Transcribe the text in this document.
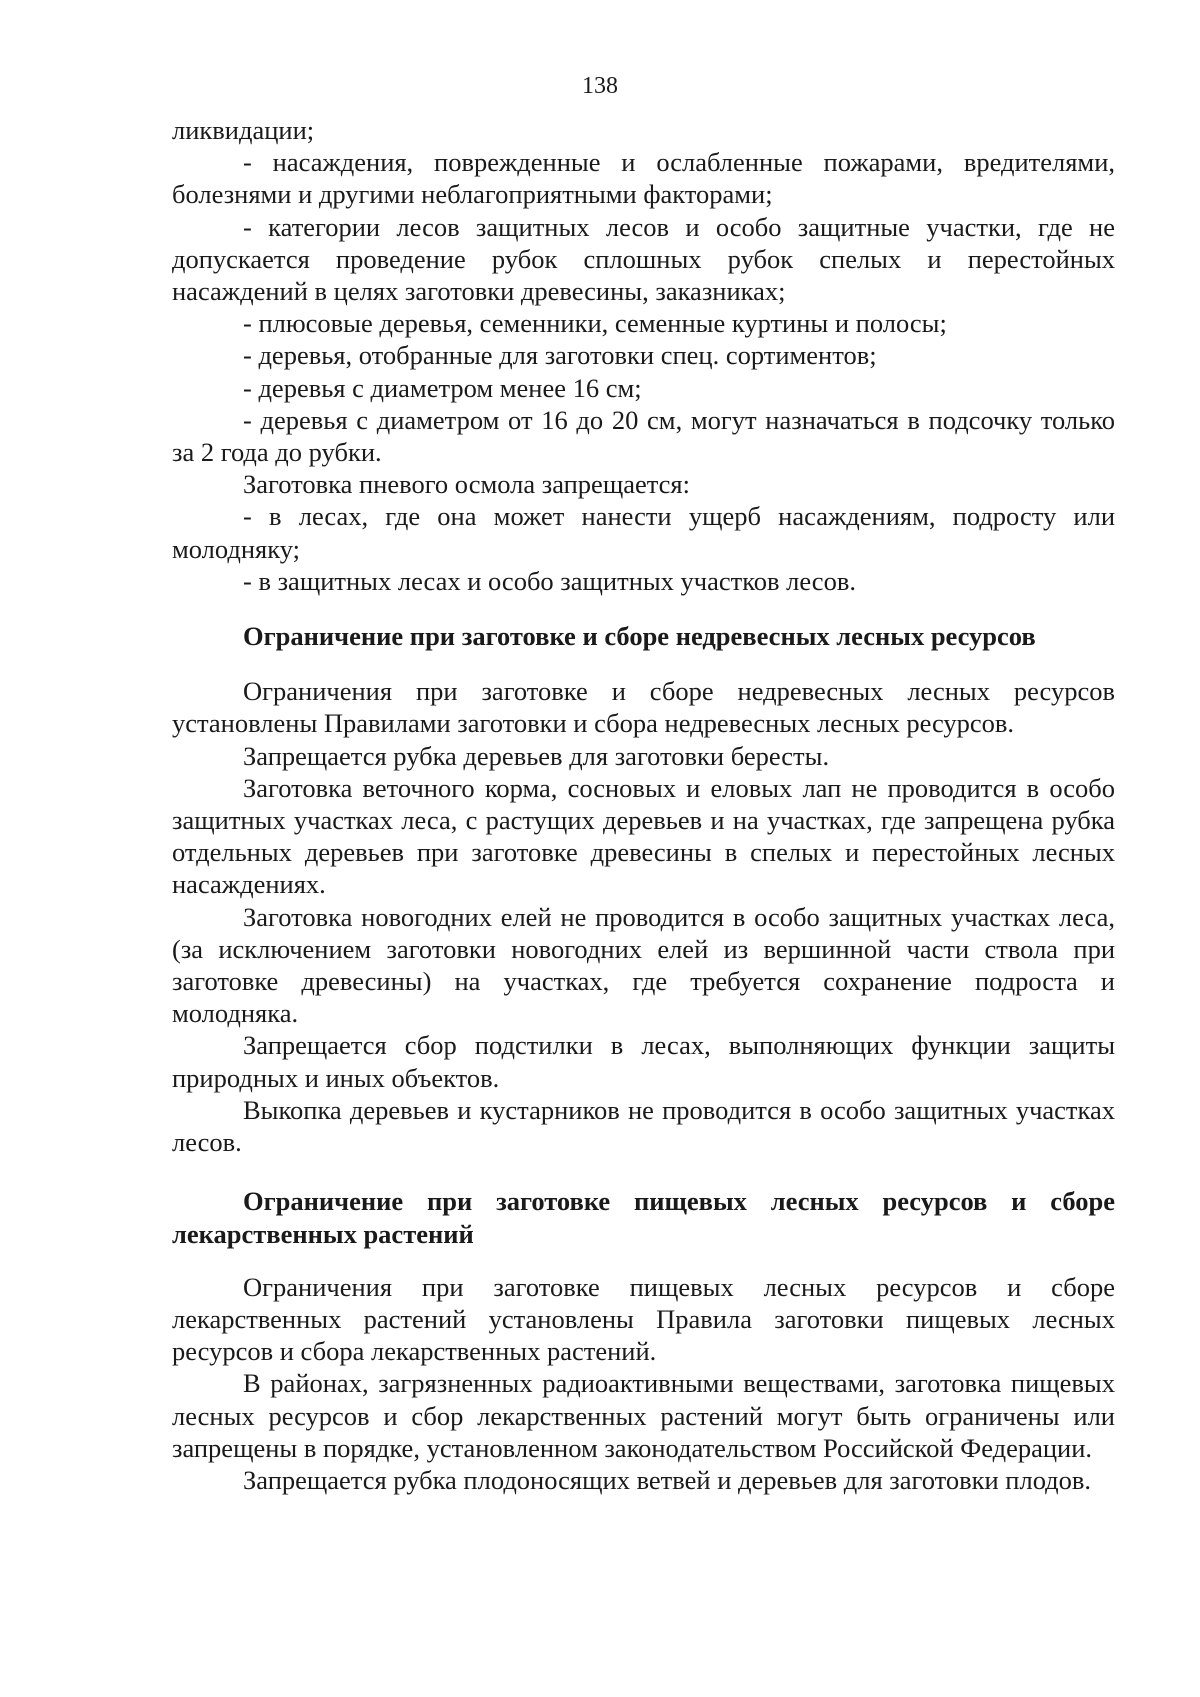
138

ликвидации;

- насаждения, поврежденные и ослабленные пожарами, вредителями, болезнями и другими неблагоприятными факторами;

- категории лесов защитных лесов и особо защитные участки, где не допускается проведение рубок сплошных рубок спелых и перестойных насаждений в целях заготовки древесины, заказниках;

- плюсовые деревья, семенники, семенные куртины и полосы;

- деревья, отобранные для заготовки спец. сортиментов;

- деревья с диаметром менее 16 см;

- деревья с диаметром от 16 до 20 см, могут назначаться в подсочку только за 2 года до рубки.

Заготовка пневого осмола запрещается:

- в лесах, где она может нанести ущерб насаждениям, подросту или молодняку;

- в защитных лесах и особо защитных участков лесов.

Ограничение при заготовке и сборе недревесных лесных ресурсов

Ограничения при заготовке и сборе недревесных лесных ресурсов установлены Правилами заготовки и сбора недревесных лесных ресурсов.

Запрещается рубка деревьев для заготовки бересты.

Заготовка веточного корма, сосновых и еловых лап не проводится в особо защитных участках леса, с растущих деревьев и на участках, где запрещена рубка отдельных деревьев при заготовке древесины в спелых и перестойных лесных насаждениях.

Заготовка новогодних елей не проводится в особо защитных участках леса, (за исключением заготовки новогодних елей из вершинной части ствола при заготовке древесины) на участках, где требуется сохранение подроста и молодняка.

Запрещается сбор подстилки в лесах, выполняющих функции защиты природных и иных объектов.

Выкопка деревьев и кустарников не проводится в особо защитных участках лесов.

Ограничение при заготовке пищевых лесных ресурсов и сборе лекарственных растений

Ограничения при заготовке пищевых лесных ресурсов и сборе лекарственных растений установлены Правила заготовки пищевых лесных ресурсов и сбора лекарственных растений.

В районах, загрязненных радиоактивными веществами, заготовка пищевых лесных ресурсов и сбор лекарственных растений могут быть ограничены или запрещены в порядке, установленном законодательством Российской Федерации.

Запрещается рубка плодоносящих ветвей и деревьев для заготовки плодов.
